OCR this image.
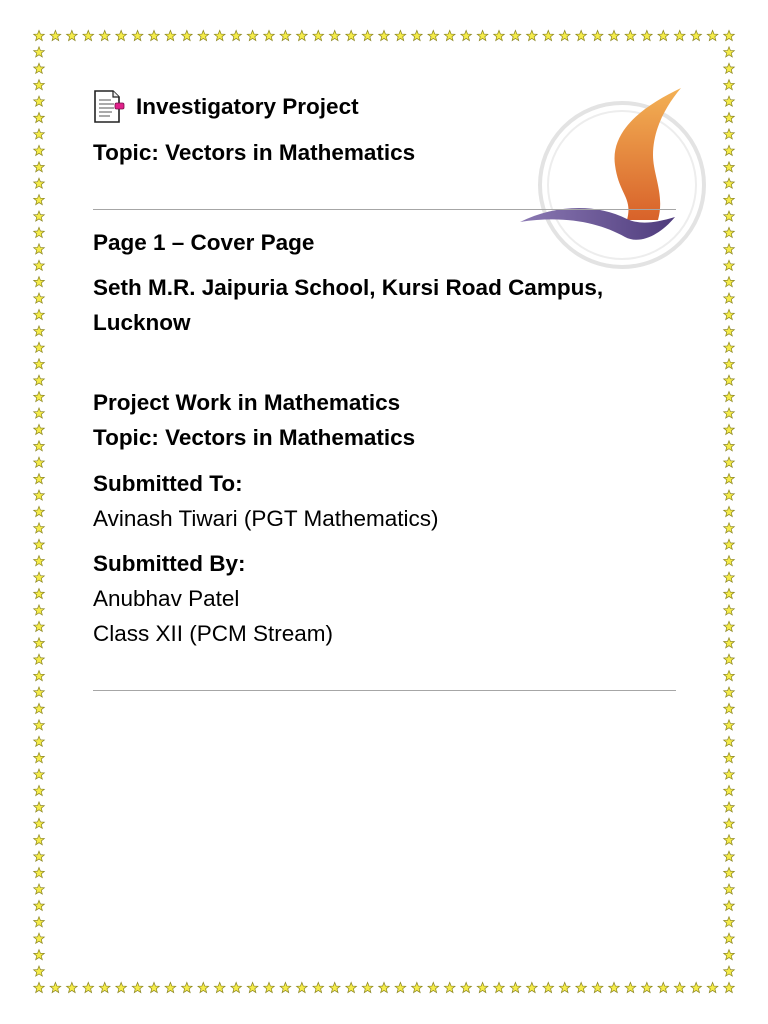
Investigatory Project
Topic: Vectors in Mathematics
Page 1 – Cover Page
Seth M.R. Jaipuria School, Kursi Road Campus,
Lucknow
Project Work in Mathematics
Topic: Vectors in Mathematics
Submitted To:
Avinash Tiwari (PGT Mathematics)
Submitted By:
Anubhav Patel
Class XII (PCM Stream)
